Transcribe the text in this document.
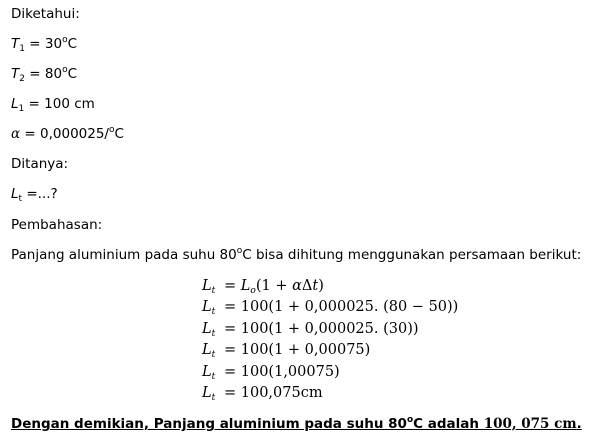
Diketahui:
$T_1 = 30^oC$
$T_2 = 80^oC$
$L_1 = 100$ cm
α = 0,000025/$^o$C
Ditanya:
$L_t$ =...?
Pembahasan:
Panjang aluminium pada suhu 80$^o$C bisa dihitung menggunakan persamaan berikut:
$L_t = L_o(1 + \alpha\Delta t)$
$L_t = 100(1 + 0,000025$. (80 − 50))
$L_t = 100(1 + 0,000025$. (30))
$L_t = 100(1 + 0,00075)$
$L_t = 100(1,00075)$
$L_t = 100,075cm$
Dengan demikian, Panjang aluminium pada suhu 80$^o$C adalah 100, 075 cm.
